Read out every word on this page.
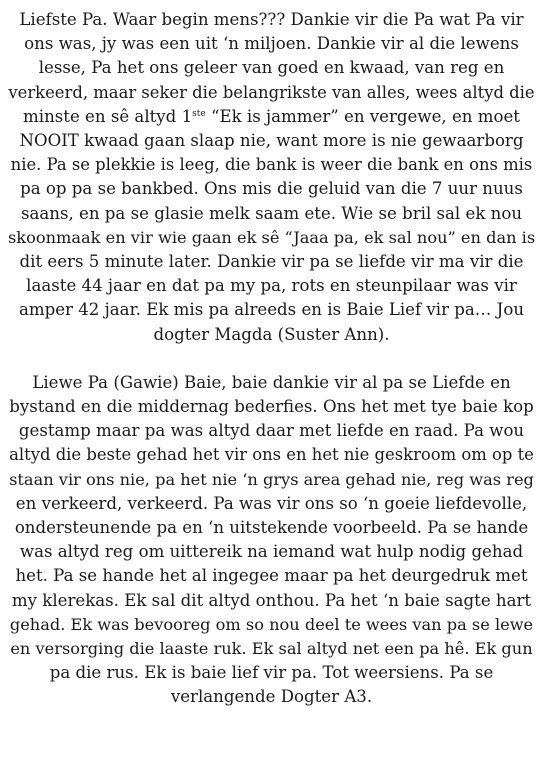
Liefste Pa. Waar begin mens??? Dankie vir die Pa wat Pa vir
ons was, jy was een uit ‘n miljoen. Dankie vir al die lewens
lesse, Pa het ons geleer van goed en kwaad, van reg en
verkeerd, maar seker die belangrikste van alles, wees altyd die
minste en sê altyd 1ste “Ek is jammer” en vergewe, en moet
NOOIT kwaad gaan slaap nie, want more is nie gewaarborg
nie. Pa se plekkie is leeg, die bank is weer die bank en ons mis
pa op pa se bankbed. Ons mis die geluid van die 7 uur nuus
saans, en pa se glasie melk saam ete. Wie se bril sal ek nou
skoonmaak en vir wie gaan ek sê “Jaaa pa, ek sal nou” en dan is
dit eers 5 minute later. Dankie vir pa se liefde vir ma vir die
laaste 44 jaar en dat pa my pa, rots en steunpilaar was vir
amper 42 jaar. Ek mis pa alreeds en is Baie Lief vir pa… Jou
dogter Magda (Suster Ann).

Liewe Pa (Gawie) Baie, baie dankie vir al pa se Liefde en
bystand en die middernag bederfies. Ons het met tye baie kop
gestamp maar pa was altyd daar met liefde en raad. Pa wou
altyd die beste gehad het vir ons en het nie geskroom om op te
staan vir ons nie, pa het nie ‘n grys area gehad nie, reg was reg
en verkeerd, verkeerd. Pa was vir ons so ‘n goeie liefdevolle,
ondersteunende pa en ‘n uitstekende voorbeeld. Pa se hande
was altyd reg om uittereik na iemand wat hulp nodig gehad
het. Pa se hande het al ingegee maar pa het deurgedruk met
my klerekas. Ek sal dit altyd onthou. Pa het ‘n baie sagte hart
gehad. Ek was bevooreg om so nou deel te wees van pa se lewe
en versorging die laaste ruk. Ek sal altyd net een pa hê. Ek gun
pa die rus. Ek is baie lief vir pa. Tot weersiens. Pa se
verlangende Dogter A3.
